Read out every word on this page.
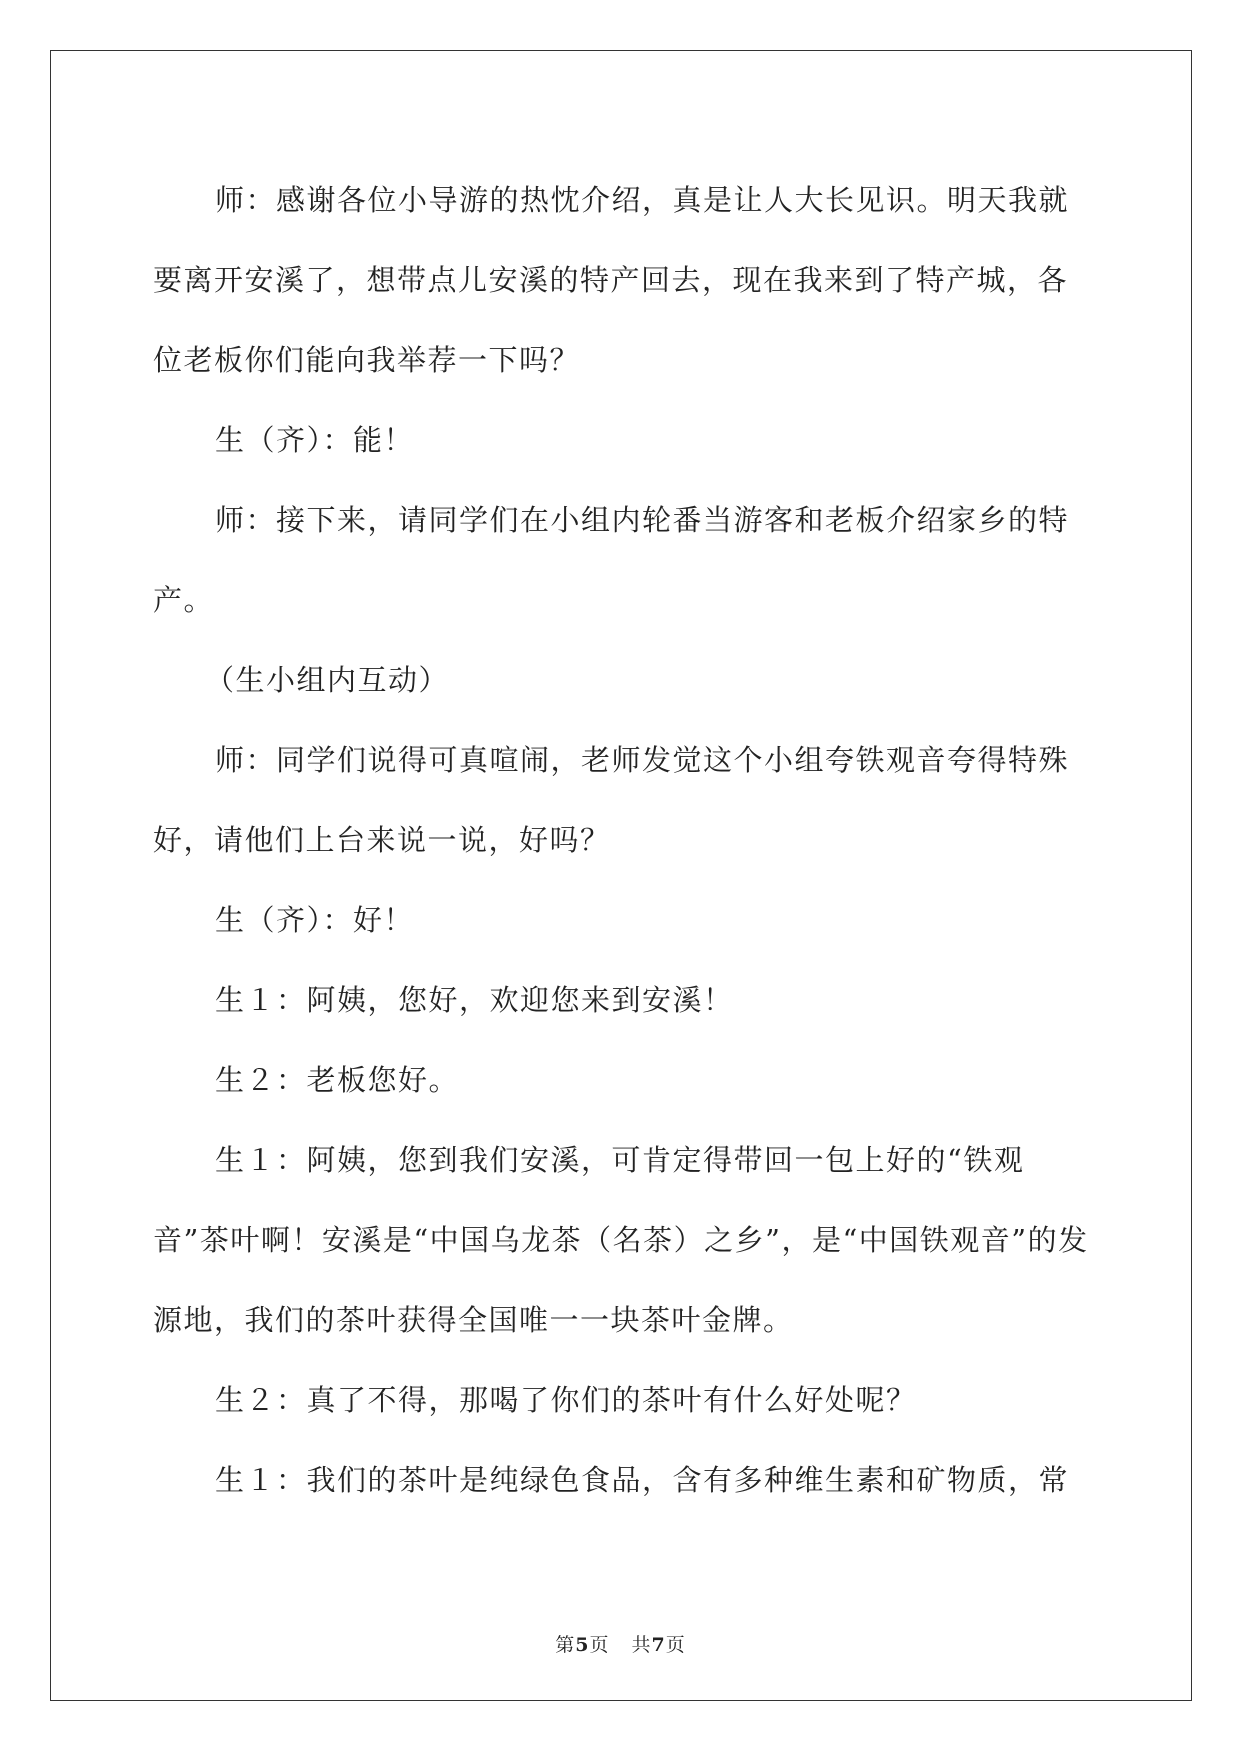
师：感谢各位小导游的热忱介绍，真是让人大长见识。明天我就要离开安溪了，想带点儿安溪的特产回去，现在我来到了特产城，各位老板你们能向我举荐一下吗？

生（齐）：能！

师：接下来，请同学们在小组内轮番当游客和老板介绍家乡的特产。

（生小组内互动）

师：同学们说得可真喧闹，老师发觉这个小组夸铁观音夸得特殊好，请他们上台来说一说，好吗？

生（齐）：好！

生１：阿姨，您好，欢迎您来到安溪！

生２：老板您好。

生１：阿姨，您到我们安溪，可肯定得带回一包上好的“铁观音”茶叶啊！安溪是“中国乌龙茶（名茶）之乡”，是“中国铁观音”的发源地，我们的茶叶获得全国唯一一块茶叶金牌。

生２：真了不得，那喝了你们的茶叶有什么好处呢？

生１：我们的茶叶是纯绿色食品，含有多种维生素和矿物质，常

第5页 共7页
